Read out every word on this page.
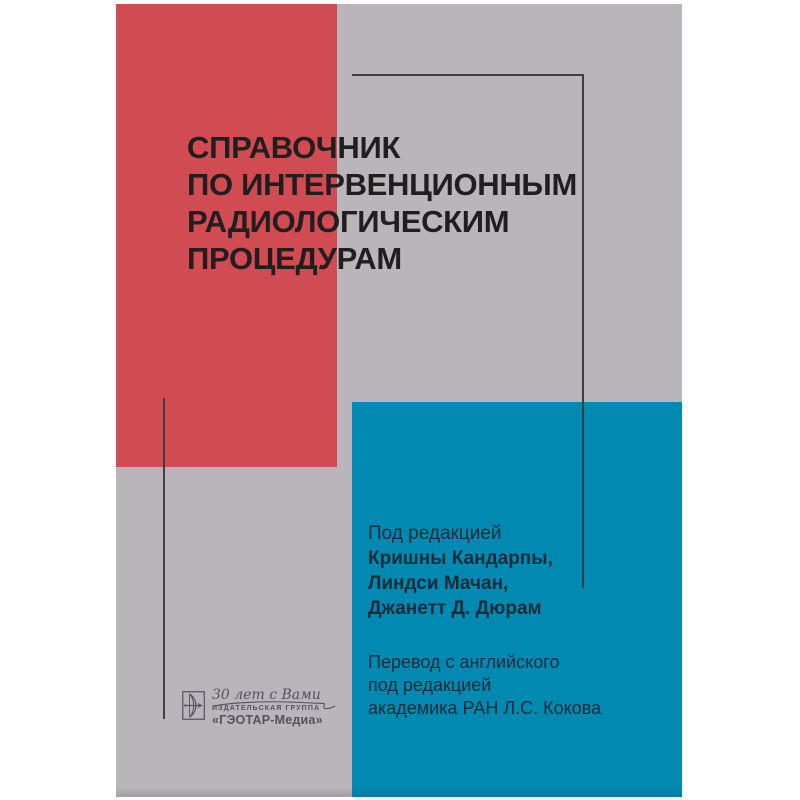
СПРАВОЧНИК
ПО ИНТЕРВЕНЦИОННЫМ
РАДИОЛОГИЧЕСКИМ
ПРОЦЕДУРАМ
Под редакцией
Кришны Кандарпы,
Линдси Мачан,
Джанетт Д. Дюрам
Перевод с английского
под редакцией
академика РАН Л.С. Кокова
30 лет с Вами
ИЗДАТЕЛЬСКАЯ ГРУППА
«ГЭОТАР-Медиа»
